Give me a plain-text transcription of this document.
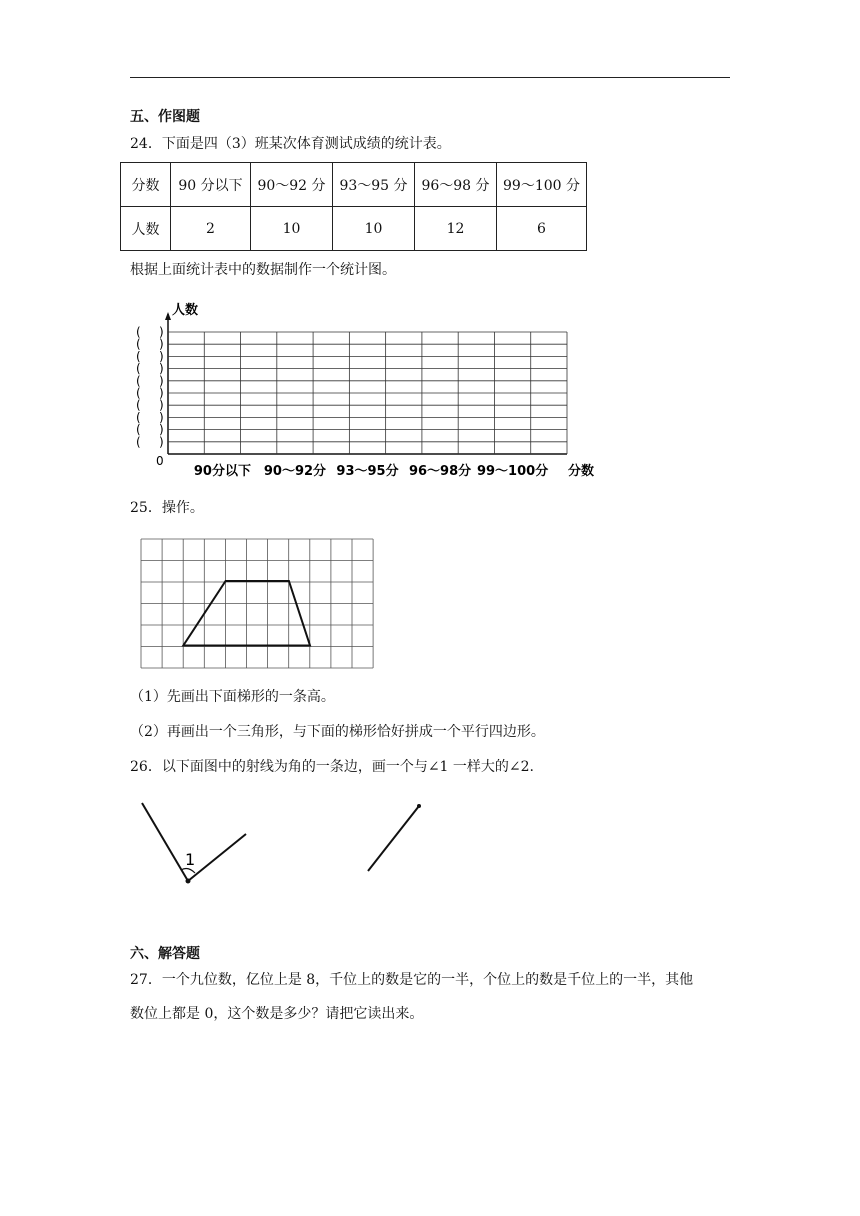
五、作图题
24．下面是四（3）班某次体育测试成绩的统计表。
分数	90 分以下	90～92 分	93～95 分	96～98 分	99～100 分
人数	2	10	10	12	6
根据上面统计表中的数据制作一个统计图。
人数
( )
( )
( )
( )
( )
( )
( )
( )
( )
( )
0
90分以下 90～92分 93～95分 96～98分 99～100分 分数
25．操作。
（1）先画出下面梯形的一条高。
（2）再画出一个三角形，与下面的梯形恰好拼成一个平行四边形。
26．以下面图中的射线为角的一条边，画一个与∠1 一样大的∠2.
1
六、解答题
27．一个九位数，亿位上是 8，千位上的数是它的一半，个位上的数是千位上的一半，其他
数位上都是 0，这个数是多少？请把它读出来。
